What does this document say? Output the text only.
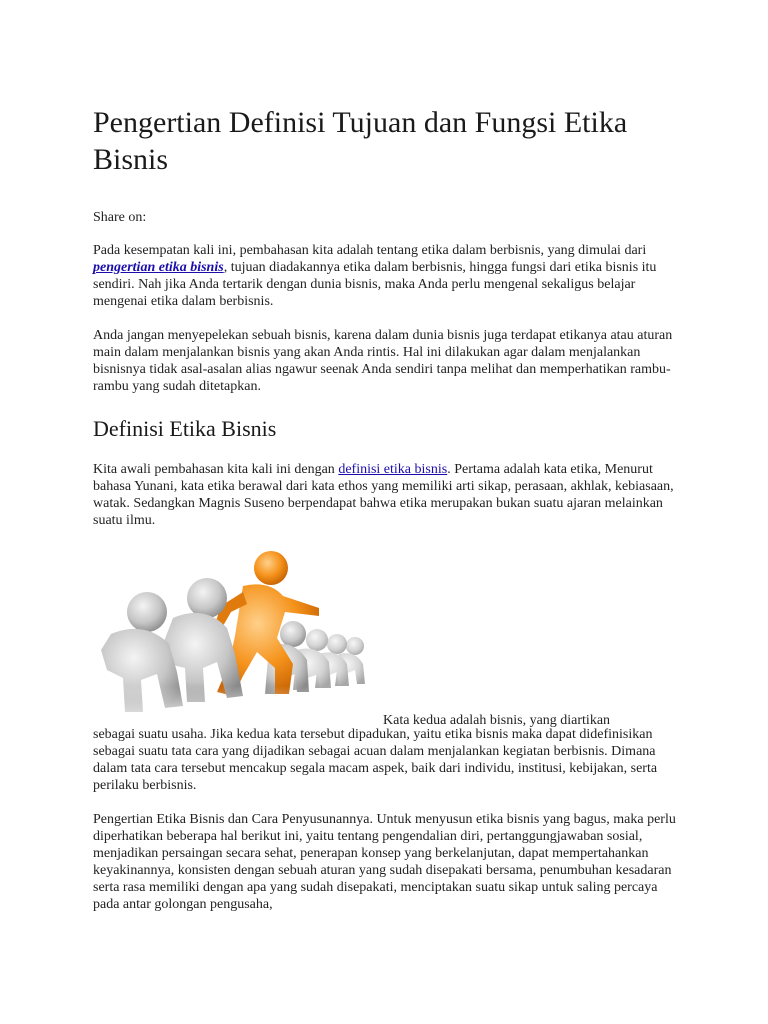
Pengertian Definisi Tujuan dan Fungsi Etika Bisnis
Share on:

Pada kesempatan kali ini, pembahasan kita adalah tentang etika dalam berbisnis, yang dimulai dari pengertian etika bisnis, tujuan diadakannya etika dalam berbisnis, hingga fungsi dari etika bisnis itu sendiri. Nah jika Anda tertarik dengan dunia bisnis, maka Anda perlu mengenal sekaligus belajar mengenai etika dalam berbisnis.

Anda jangan menyepelekan sebuah bisnis, karena dalam dunia bisnis juga terdapat etikanya atau aturan main dalam menjalankan bisnis yang akan Anda rintis. Hal ini dilakukan agar dalam menjalankan bisnisnya tidak asal-asalan alias ngawur seenak Anda sendiri tanpa melihat dan memperhatikan rambu-rambu yang sudah ditetapkan.

Definisi Etika Bisnis

Kita awali pembahasan kita kali ini dengan definisi etika bisnis. Pertama adalah kata etika, Menurut bahasa Yunani, kata etika berawal dari kata ethos yang memiliki arti sikap, perasaan, akhlak, kebiasaan, watak. Sedangkan Magnis Suseno berpendapat bahwa etika merupakan bukan suatu ajaran melainkan suatu ilmu.

Kata kedua adalah bisnis, yang diartikan
sebagai suatu usaha. Jika kedua kata tersebut dipadukan, yaitu etika bisnis maka dapat didefinisikan sebagai suatu tata cara yang dijadikan sebagai acuan dalam menjalankan kegiatan berbisnis. Dimana dalam tata cara tersebut mencakup segala macam aspek, baik dari individu, institusi, kebijakan, serta perilaku berbisnis.

Pengertian Etika Bisnis dan Cara Penyusunannya. Untuk menyusun etika bisnis yang bagus, maka perlu diperhatikan beberapa hal berikut ini, yaitu tentang pengendalian diri, pertanggungjawaban sosial, menjadikan persaingan secara sehat, penerapan konsep yang berkelanjutan, dapat mempertahankan keyakinannya, konsisten dengan sebuah aturan yang sudah disepakati bersama, penumbuhan kesadaran serta rasa memiliki dengan apa yang sudah disepakati, menciptakan suatu sikap untuk saling percaya pada antar golongan pengusaha,
